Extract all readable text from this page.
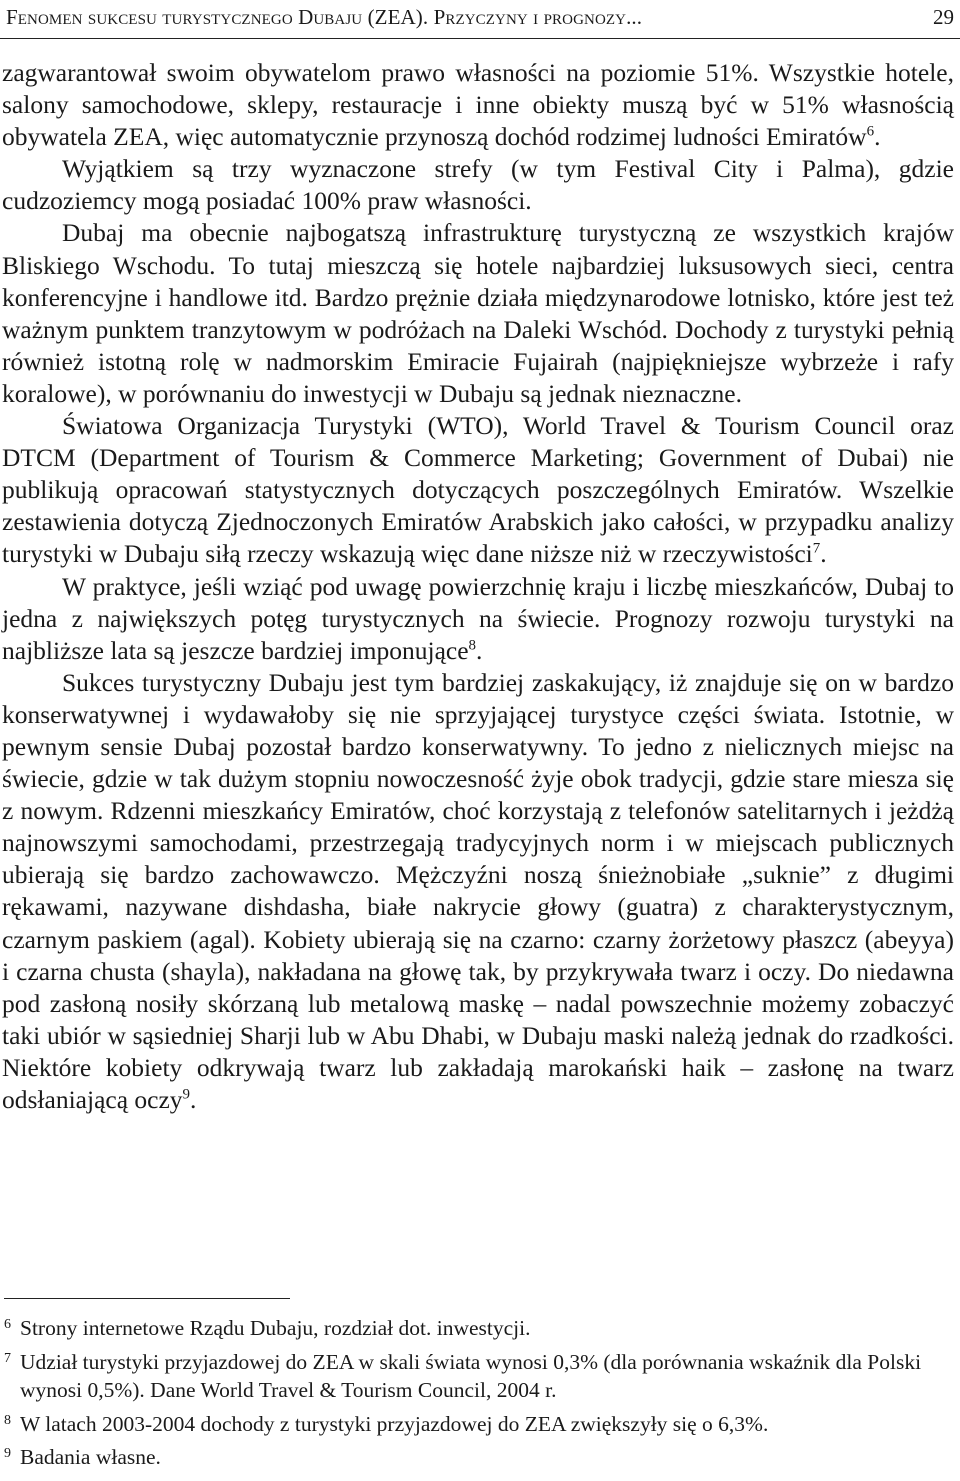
Fenomen sukcesu turystycznego Dubaju (ZEA). Przyczyny i prognozy...	29

zagwarantował swoim obywatelom prawo własności na poziomie 51%. Wszystkie hotele, salony samochodowe, sklepy, restauracje i inne obiekty muszą być w 51% własnością obywatela ZEA, więc automatycznie przynoszą dochód rodzimej ludności Emiratów$^6$.

Wyjątkiem są trzy wyznaczone strefy (w tym Festival City i Palma), gdzie cudzoziemcy mogą posiadać 100% praw własności.

Dubaj ma obecnie najbogatszą infrastrukturę turystyczną ze wszystkich krajów Bliskiego Wschodu. To tutaj mieszczą się hotele najbardziej luksusowych sieci, centra konferencyjne i handlowe itd. Bardzo prężnie działa międzynarodowe lotnisko, które jest też ważnym punktem tranzytowym w podróżach na Daleki Wschód. Dochody z turystyki pełnią również istotną rolę w nadmorskim Emiracie Fujairah (najpiękniejsze wybrzeże i rafy koralowe), w porównaniu do inwestycji w Dubaju są jednak nieznaczne.

Światowa Organizacja Turystyki (WTO), World Travel & Tourism Council oraz DTCM (Department of Tourism & Commerce Marketing; Government of Dubai) nie publikują opracowań statystycznych dotyczących poszczególnych Emiratów. Wszelkie zestawienia dotyczą Zjednoczonych Emiratów Arabskich jako całości, w przypadku analizy turystyki w Dubaju siłą rzeczy wskazują więc dane niższe niż w rzeczywistości$^7$.

W praktyce, jeśli wziąć pod uwagę powierzchnię kraju i liczbę mieszkańców, Dubaj to jedna z największych potęg turystycznych na świecie. Prognozy rozwoju turystyki na najbliższe lata są jeszcze bardziej imponujące$^8$.

Sukces turystyczny Dubaju jest tym bardziej zaskakujący, iż znajduje się on w bardzo konserwatywnej i wydawałoby się nie sprzyjającej turystyce części świata. Istotnie, w pewnym sensie Dubaj pozostał bardzo konserwatywny. To jedno z nielicznych miejsc na świecie, gdzie w tak dużym stopniu nowoczesność żyje obok tradycji, gdzie stare miesza się z nowym. Rdzenni mieszkańcy Emiratów, choć korzystają z telefonów satelitarnych i jeżdżą najnowszymi samochodami, przestrzegają tradycyjnych norm i w miejscach publicznych ubierają się bardzo zachowawczo. Mężczyźni noszą śnieżnobiałe „suknie” z długimi rękawami, nazywane dishdasha, białe nakrycie głowy (guatra) z charakterystycznym, czarnym paskiem (agal). Kobiety ubierają się na czarno: czarny żorżetowy płaszcz (abeyya) i czarna chusta (shayla), nakładana na głowę tak, by przykrywała twarz i oczy. Do niedawna pod zasłoną nosiły skórzaną lub metalową maskę – nadal powszechnie możemy zobaczyć taki ubiór w sąsiedniej Sharji lub w Abu Dhabi, w Dubaju maski należą jednak do rzadkości. Niektóre kobiety odkrywają twarz lub zakładają marokański haik – zasłonę na twarz odsłaniającą oczy$^9$.

6 Strony internetowe Rządu Dubaju, rozdział dot. inwestycji.
7 Udział turystyki przyjazdowej do ZEA w skali świata wynosi 0,3% (dla porównania wskaźnik dla Polski wynosi 0,5%). Dane World Travel & Tourism Council, 2004 r.
8 W latach 2003-2004 dochody z turystyki przyjazdowej do ZEA zwiększyły się o 6,3%.
9 Badania własne.
